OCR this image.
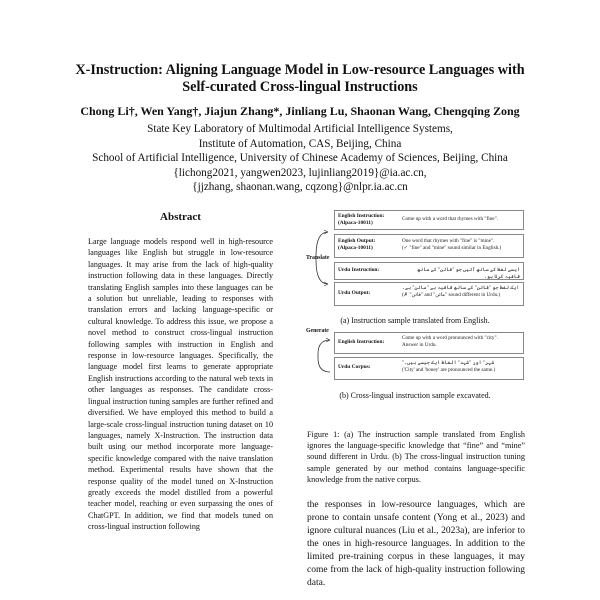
X-Instruction: Aligning Language Model in Low-resource Languages with
Self-curated Cross-lingual Instructions
Chong Li†, Wen Yang†, Jiajun Zhang*, Jinliang Lu, Shaonan Wang, Chengqing Zong
State Key Laboratory of Multimodal Artificial Intelligence Systems,
Institute of Automation, CAS, Beijing, China
School of Artificial Intelligence, University of Chinese Academy of Sciences, Beijing, China
{lichong2021, yangwen2023, lujinliang2019}@ia.ac.cn,
{jjzhang, shaonan.wang, cqzong}@nlpr.ia.ac.cn
Abstract
Large language models respond well in high-resource languages like English but struggle in low-resource languages. It may arise from the lack of high-quality instruction following data in these languages. Directly translating English samples into these languages can be a solution but unreliable, leading to responses with translation errors and lacking language-specific or cultural knowledge. To address this issue, we propose a novel method to construct cross-lingual instruction following samples with instruction in English and response in low-resource languages. Specifically, the language model first learns to generate appropriate English instructions according to the natural web texts in other languages as responses. The candidate cross-lingual instruction tuning samples are further refined and diversified. We have employed this method to build a large-scale cross-lingual instruction tuning dataset on 10 languages, namely X-Instruction. The instruction data built using our method incorporate more language-specific knowledge compared with the naive translation method. Experimental results have shown that the response quality of the model tuned on X-Instruction greatly exceeds the model distilled from a powerful teacher model, reaching or even surpassing the ones of ChatGPT. In addition, we find that models tuned on cross-lingual instruction following
Translate
English Instruction:
(Alpaca-10011)
Come up with a word that rhymes with "fine".
English Output:
(Alpaca-10011)
One word that rhymes with "fine" is "mine".
(✓ "fine" and "mine" sound similar in English.)
Urdu Instruction:	ایسے لفظ کے ساتھ آئیں جو "فائن" کے ساتھ قافیہ کرتا ہو۔
Urdu Output:
ایک لفظ جو "فائن" کے ساتھ قافیہ ہے "مائن" ہے۔
(✗ "فائن" and "مائن" sound different in Urdu.)
(a) Instruction sample translated from English.
Generate
English Instruction:
Come up with a word pronounced with "city".
Answer in Urdu.
Urdu Corpus:
"شہر" اور "شہد" الفاظ ایک جیسے ہیں۔
('City' and 'honey' are pronounced the same.)
(b) Cross-lingual instruction sample excavated.
Figure 1: (a) The instruction sample translated from English ignores the language-specific knowledge that “fine” and “mine” sound different in Urdu. (b) The cross-lingual instruction tuning sample generated by our method contains language-specific knowledge from the native corpus.
the responses in low-resource languages, which are prone to contain unsafe content (Yong et al., 2023) and ignore cultural nuances (Liu et al., 2023a), are inferior to the ones in high-resource languages. In addition to the limited pre-training corpus in these languages, it may come from the lack of high-quality instruction following data.
